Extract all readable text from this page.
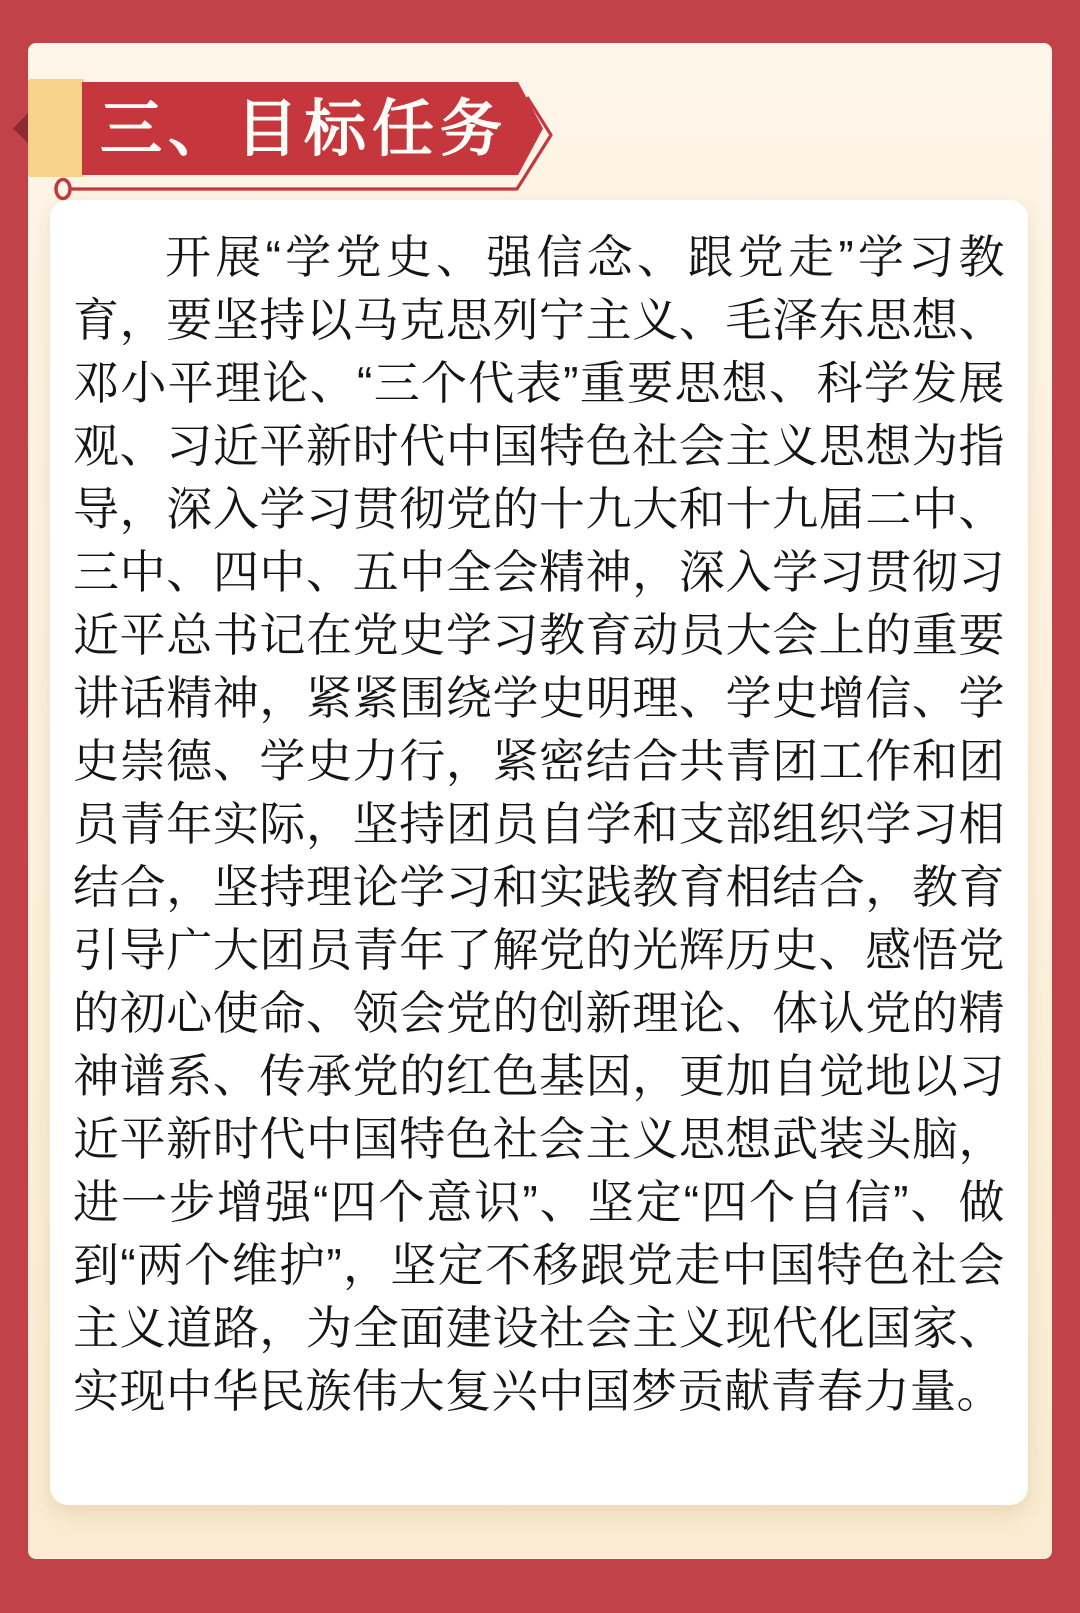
三、目标任务

开展“学党史、强信念、跟党走”学习教育，要坚持以马克思列宁主义、毛泽东思想、邓小平理论、“三个代表”重要思想、科学发展观、习近平新时代中国特色社会主义思想为指导，深入学习贯彻党的十九大和十九届二中、三中、四中、五中全会精神，深入学习贯彻习近平总书记在党史学习教育动员大会上的重要讲话精神，紧紧围绕学史明理、学史增信、学史崇德、学史力行，紧密结合共青团工作和团员青年实际，坚持团员自学和支部组织学习相结合，坚持理论学习和实践教育相结合，教育引导广大团员青年了解党的光辉历史、感悟党的初心使命、领会党的创新理论、体认党的精神谱系、传承党的红色基因，更加自觉地以习近平新时代中国特色社会主义思想武装头脑，进一步增强“四个意识”、坚定“四个自信”、做到“两个维护”，坚定不移跟党走中国特色社会主义道路，为全面建设社会主义现代化国家、实现中华民族伟大复兴中国梦贡献青春力量。
